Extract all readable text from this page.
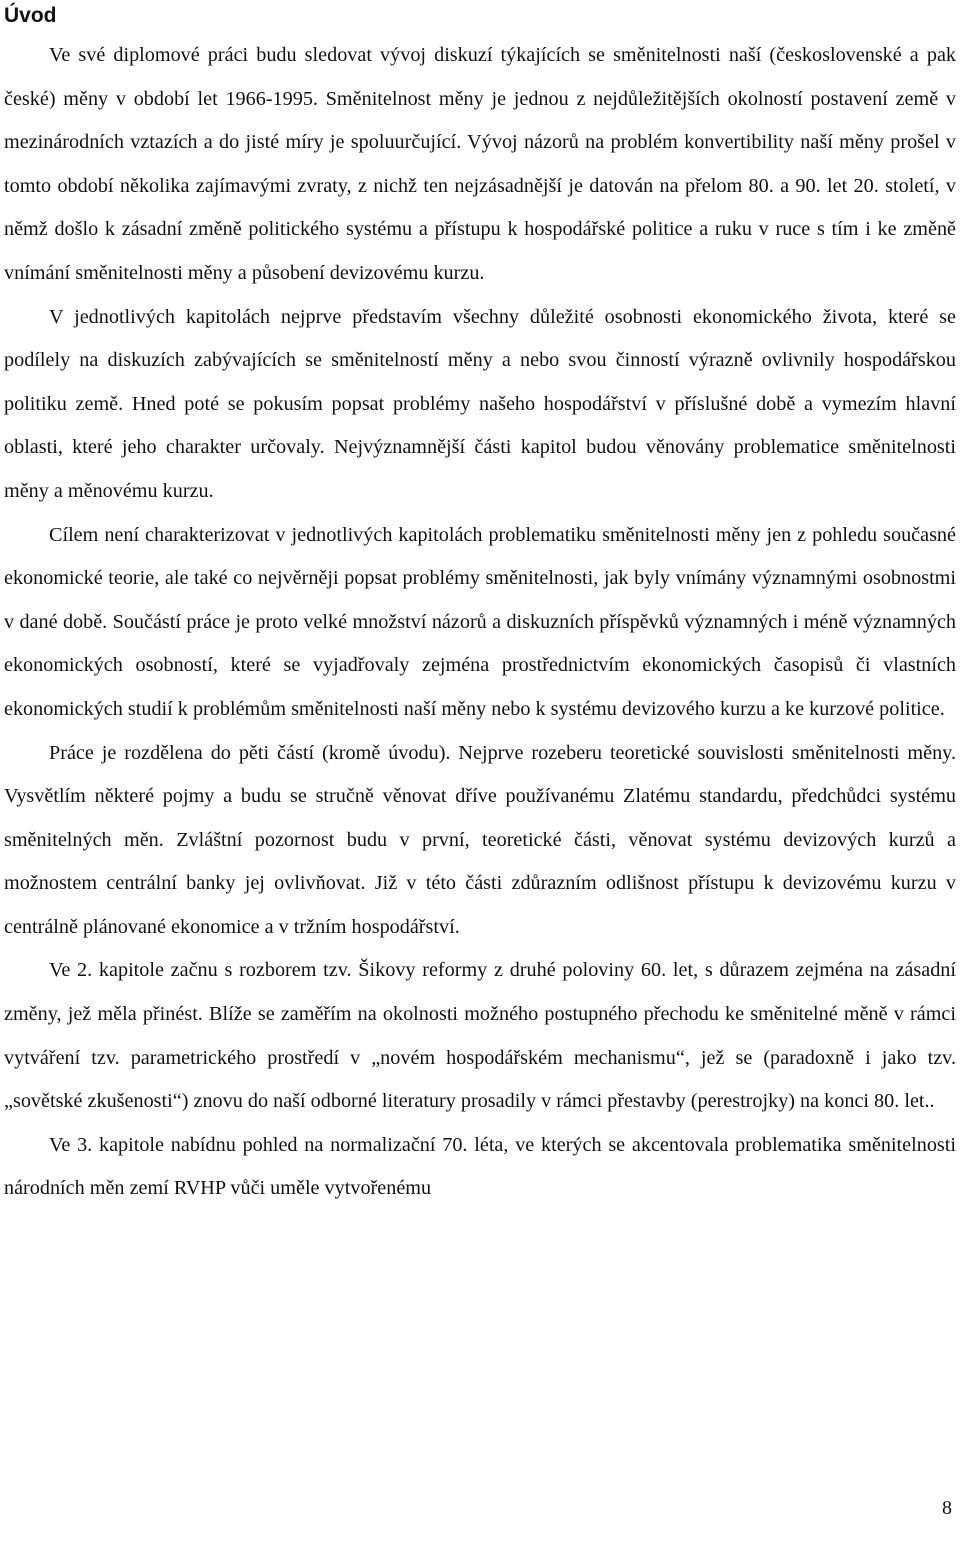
Úvod

Ve své diplomové práci budu sledovat vývoj diskuzí týkajících se směnitelnosti naší (československé a pak české) měny v období let 1966-1995. Směnitelnost měny je jednou z nejdůležitějších okolností postavení země v mezinárodních vztazích a do jisté míry je spoluurčující. Vývoj názorů na problém konvertibility naší měny prošel v tomto období několika zajímavými zvraty, z nichž ten nejzásadnější je datován na přelom 80. a 90. let 20. století, v němž došlo k zásadní změně politického systému a přístupu k hospodářské politice a ruku v ruce s tím i ke změně vnímání směnitelnosti měny a působení devizovému kurzu.

V jednotlivých kapitolách nejprve představím všechny důležité osobnosti ekonomického života, které se podílely na diskuzích zabývajících se směnitelností měny a nebo svou činností výrazně ovlivnily hospodářskou politiku země. Hned poté se pokusím popsat problémy našeho hospodářství v příslušné době a vymezím hlavní oblasti, které jeho charakter určovaly. Nejvýznamnější části kapitol budou věnovány problematice směnitelnosti měny a měnovému kurzu.

Cílem není charakterizovat v jednotlivých kapitolách problematiku směnitelnosti měny jen z pohledu současné ekonomické teorie, ale také co nejvěrněji popsat problémy směnitelnosti, jak byly vnímány významnými osobnostmi v dané době. Součástí práce je proto velké množství názorů a diskuzních příspěvků významných i méně významných ekonomických osobností, které se vyjadřovaly zejména prostřednictvím ekonomických časopisů či vlastních ekonomických studií k problémům směnitelnosti naší měny nebo k systému devizového kurzu a ke kurzové politice.

Práce je rozdělena do pěti částí (kromě úvodu). Nejprve rozeberu teoretické souvislosti směnitelnosti měny. Vysvětlím některé pojmy a budu se stručně věnovat dříve používanému Zlatému standardu, předchůdci systému směnitelných měn. Zvláštní pozornost budu v první, teoretické části, věnovat systému devizových kurzů a možnostem centrální banky jej ovlivňovat. Již v této části zdůrazním odlišnost přístupu k devizovému kurzu v centrálně plánované ekonomice a v tržním hospodářství.

Ve 2. kapitole začnu s rozborem tzv. Šikovy reformy z druhé poloviny 60. let, s důrazem zejména na zásadní změny, jež měla přinést. Blíže se zaměřím na okolnosti možného postupného přechodu ke směnitelné měně v rámci vytváření tzv. parametrického prostředí v „novém hospodářském mechanismu“, jež se (paradoxně i jako tzv. „sovětské zkušenosti“) znovu do naší odborné literatury prosadily v rámci přestavby (perestrojky) na konci 80. let..

Ve 3. kapitole nabídnu pohled na normalizační 70. léta, ve kterých se akcentovala problematika směnitelnosti národních měn zemí RVHP vůči uměle vytvořenému

8
